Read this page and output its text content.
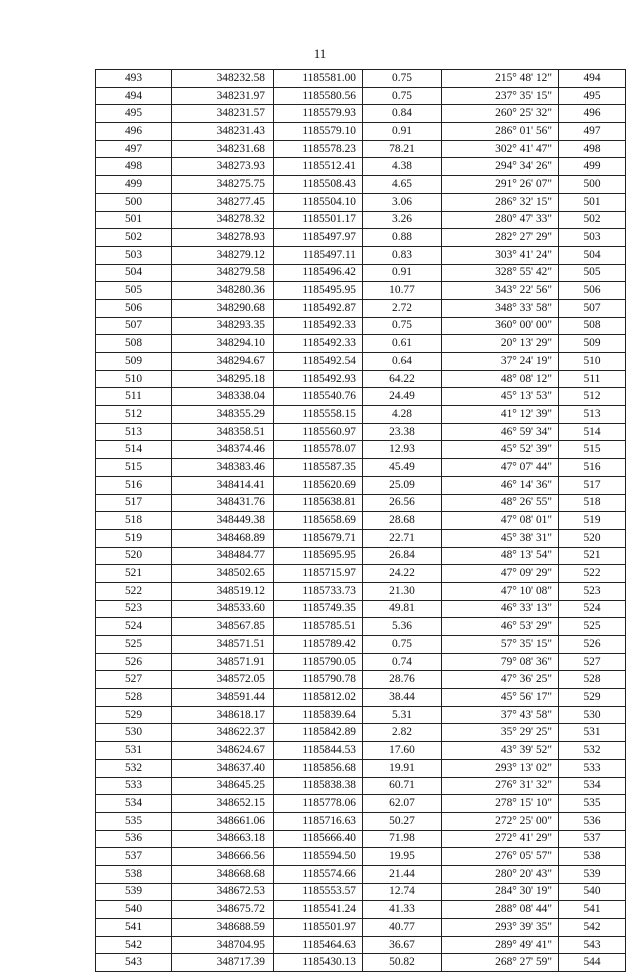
11
493	348232.58	1185581.00	0.75	215° 48' 12"	494
494	348231.97	1185580.56	0.75	237° 35' 15"	495
495	348231.57	1185579.93	0.84	260° 25' 32"	496
496	348231.43	1185579.10	0.91	286° 01' 56"	497
497	348231.68	1185578.23	78.21	302° 41' 47"	498
498	348273.93	1185512.41	4.38	294° 34' 26"	499
499	348275.75	1185508.43	4.65	291° 26' 07"	500
500	348277.45	1185504.10	3.06	286° 32' 15"	501
501	348278.32	1185501.17	3.26	280° 47' 33"	502
502	348278.93	1185497.97	0.88	282° 27' 29"	503
503	348279.12	1185497.11	0.83	303° 41' 24"	504
504	348279.58	1185496.42	0.91	328° 55' 42"	505
505	348280.36	1185495.95	10.77	343° 22' 56"	506
506	348290.68	1185492.87	2.72	348° 33' 58"	507
507	348293.35	1185492.33	0.75	360° 00' 00"	508
508	348294.10	1185492.33	0.61	20° 13' 29"	509
509	348294.67	1185492.54	0.64	37° 24' 19"	510
510	348295.18	1185492.93	64.22	48° 08' 12"	511
511	348338.04	1185540.76	24.49	45° 13' 53"	512
512	348355.29	1185558.15	4.28	41° 12' 39"	513
513	348358.51	1185560.97	23.38	46° 59' 34"	514
514	348374.46	1185578.07	12.93	45° 52' 39"	515
515	348383.46	1185587.35	45.49	47° 07' 44"	516
516	348414.41	1185620.69	25.09	46° 14' 36"	517
517	348431.76	1185638.81	26.56	48° 26' 55"	518
518	348449.38	1185658.69	28.68	47° 08' 01"	519
519	348468.89	1185679.71	22.71	45° 38' 31"	520
520	348484.77	1185695.95	26.84	48° 13' 54"	521
521	348502.65	1185715.97	24.22	47° 09' 29"	522
522	348519.12	1185733.73	21.30	47° 10' 08"	523
523	348533.60	1185749.35	49.81	46° 33' 13"	524
524	348567.85	1185785.51	5.36	46° 53' 29"	525
525	348571.51	1185789.42	0.75	57° 35' 15"	526
526	348571.91	1185790.05	0.74	79° 08' 36"	527
527	348572.05	1185790.78	28.76	47° 36' 25"	528
528	348591.44	1185812.02	38.44	45° 56' 17"	529
529	348618.17	1185839.64	5.31	37° 43' 58"	530
530	348622.37	1185842.89	2.82	35° 29' 25"	531
531	348624.67	1185844.53	17.60	43° 39' 52"	532
532	348637.40	1185856.68	19.91	293° 13' 02"	533
533	348645.25	1185838.38	60.71	276° 31' 32"	534
534	348652.15	1185778.06	62.07	278° 15' 10"	535
535	348661.06	1185716.63	50.27	272° 25' 00"	536
536	348663.18	1185666.40	71.98	272° 41' 29"	537
537	348666.56	1185594.50	19.95	276° 05' 57"	538
538	348668.68	1185574.66	21.44	280° 20' 43"	539
539	348672.53	1185553.57	12.74	284° 30' 19"	540
540	348675.72	1185541.24	41.33	288° 08' 44"	541
541	348688.59	1185501.97	40.77	293° 39' 35"	542
542	348704.95	1185464.63	36.67	289° 49' 41"	543
543	348717.39	1185430.13	50.82	268° 27' 59"	544
